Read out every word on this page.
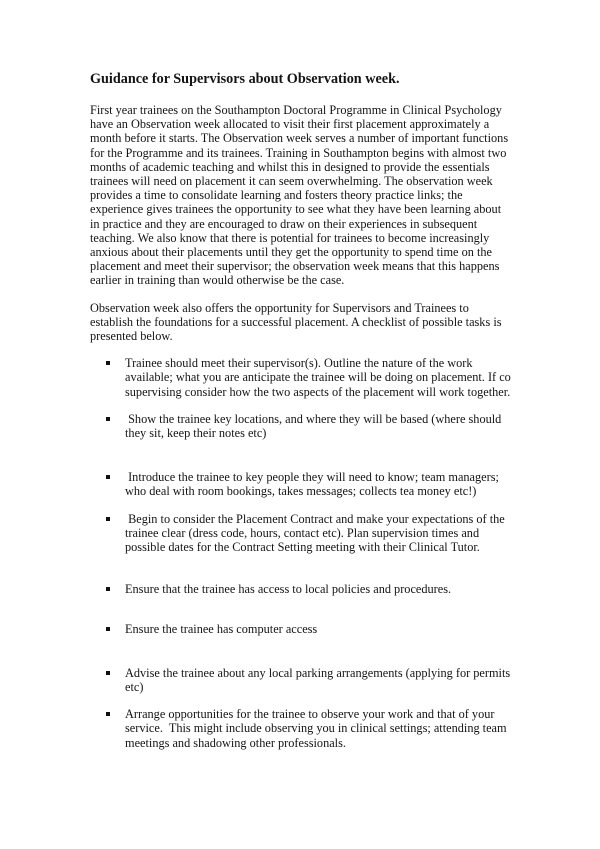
Guidance for Supervisors about Observation week.

First year trainees on the Southampton Doctoral Programme in Clinical Psychology have an Observation week allocated to visit their first placement approximately a month before it starts. The Observation week serves a number of important functions for the Programme and its trainees. Training in Southampton begins with almost two months of academic teaching and whilst this in designed to provide the essentials trainees will need on placement it can seem overwhelming. The observation week provides a time to consolidate learning and fosters theory practice links; the experience gives trainees the opportunity to see what they have been learning about in practice and they are encouraged to draw on their experiences in subsequent teaching. We also know that there is potential for trainees to become increasingly anxious about their placements until they get the opportunity to spend time on the placement and meet their supervisor; the observation week means that this happens earlier in training than would otherwise be the case.

Observation week also offers the opportunity for Supervisors and Trainees to establish the foundations for a successful placement. A checklist of possible tasks is presented below.

Trainee should meet their supervisor(s). Outline the nature of the work available; what you are anticipate the trainee will be doing on placement. If co supervising consider how the two aspects of the placement will work together.
Show the trainee key locations, and where they will be based (where should they sit, keep their notes etc)
Introduce the trainee to key people they will need to know; team managers; who deal with room bookings, takes messages; collects tea money etc!)
Begin to consider the Placement Contract and make your expectations of the trainee clear (dress code, hours, contact etc). Plan supervision times and possible dates for the Contract Setting meeting with their Clinical Tutor.
Ensure that the trainee has access to local policies and procedures.
Ensure the trainee has computer access
Advise the trainee about any local parking arrangements (applying for permits etc)
Arrange opportunities for the trainee to observe your work and that of your service.  This might include observing you in clinical settings; attending team meetings and shadowing other professionals.
